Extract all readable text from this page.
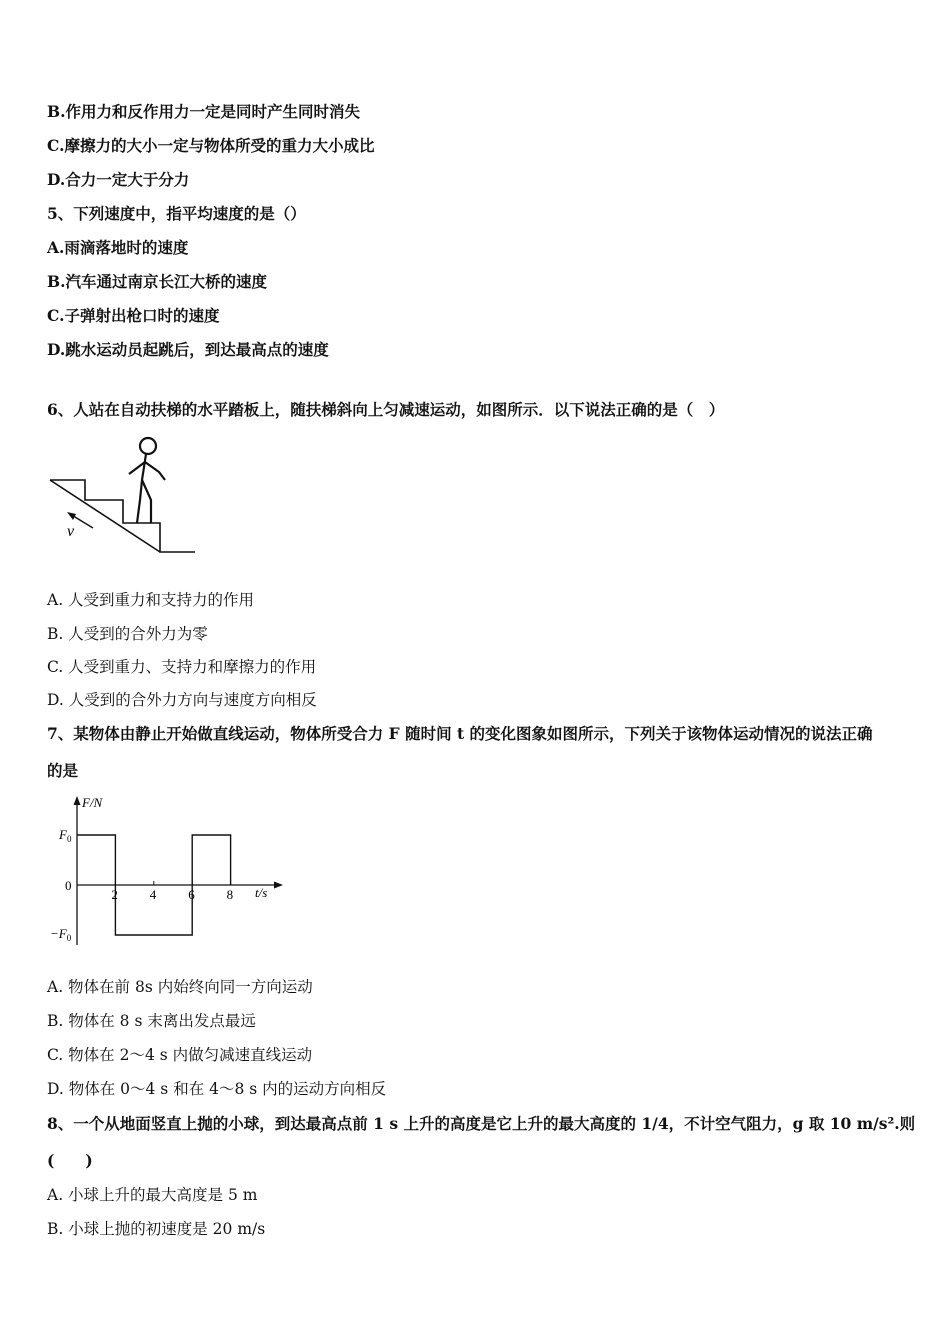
B.作用力和反作用力一定是同时产生同时消失
C.摩擦力的大小一定与物体所受的重力大小成比
D.合力一定大于分力
5、下列速度中，指平均速度的是（）
A.雨滴落地时的速度
B.汽车通过南京长江大桥的速度
C.子弹射出枪口时的速度
D.跳水运动员起跳后，到达最高点的速度
6、人站在自动扶梯的水平踏板上，随扶梯斜向上匀减速运动，如图所示．以下说法正确的是（　）
v
A. 人受到重力和支持力的作用
B. 人受到的合外力为零
C. 人受到重力、支持力和摩擦力的作用
D. 人受到的合外力方向与速度方向相反
7、某物体由静止开始做直线运动，物体所受合力 F 随时间 t 的变化图象如图所示，下列关于该物体运动情况的说法正确
的是
F/N
t/s
$F_0$
0
$-F_0$
2 4 6 8
A. 物体在前 8s 内始终向同一方向运动
B. 物体在 8 s 末离出发点最远
C. 物体在 2～4 s 内做匀减速直线运动
D. 物体在 0～4 s 和在 4～8 s 内的运动方向相反
8、一个从地面竖直上抛的小球，到达最高点前 1 s 上升的高度是它上升的最大高度的 1/4，不计空气阻力，g 取 10 m/s².则
(　　)
A. 小球上升的最大高度是 5 m
B. 小球上抛的初速度是 20 m/s
